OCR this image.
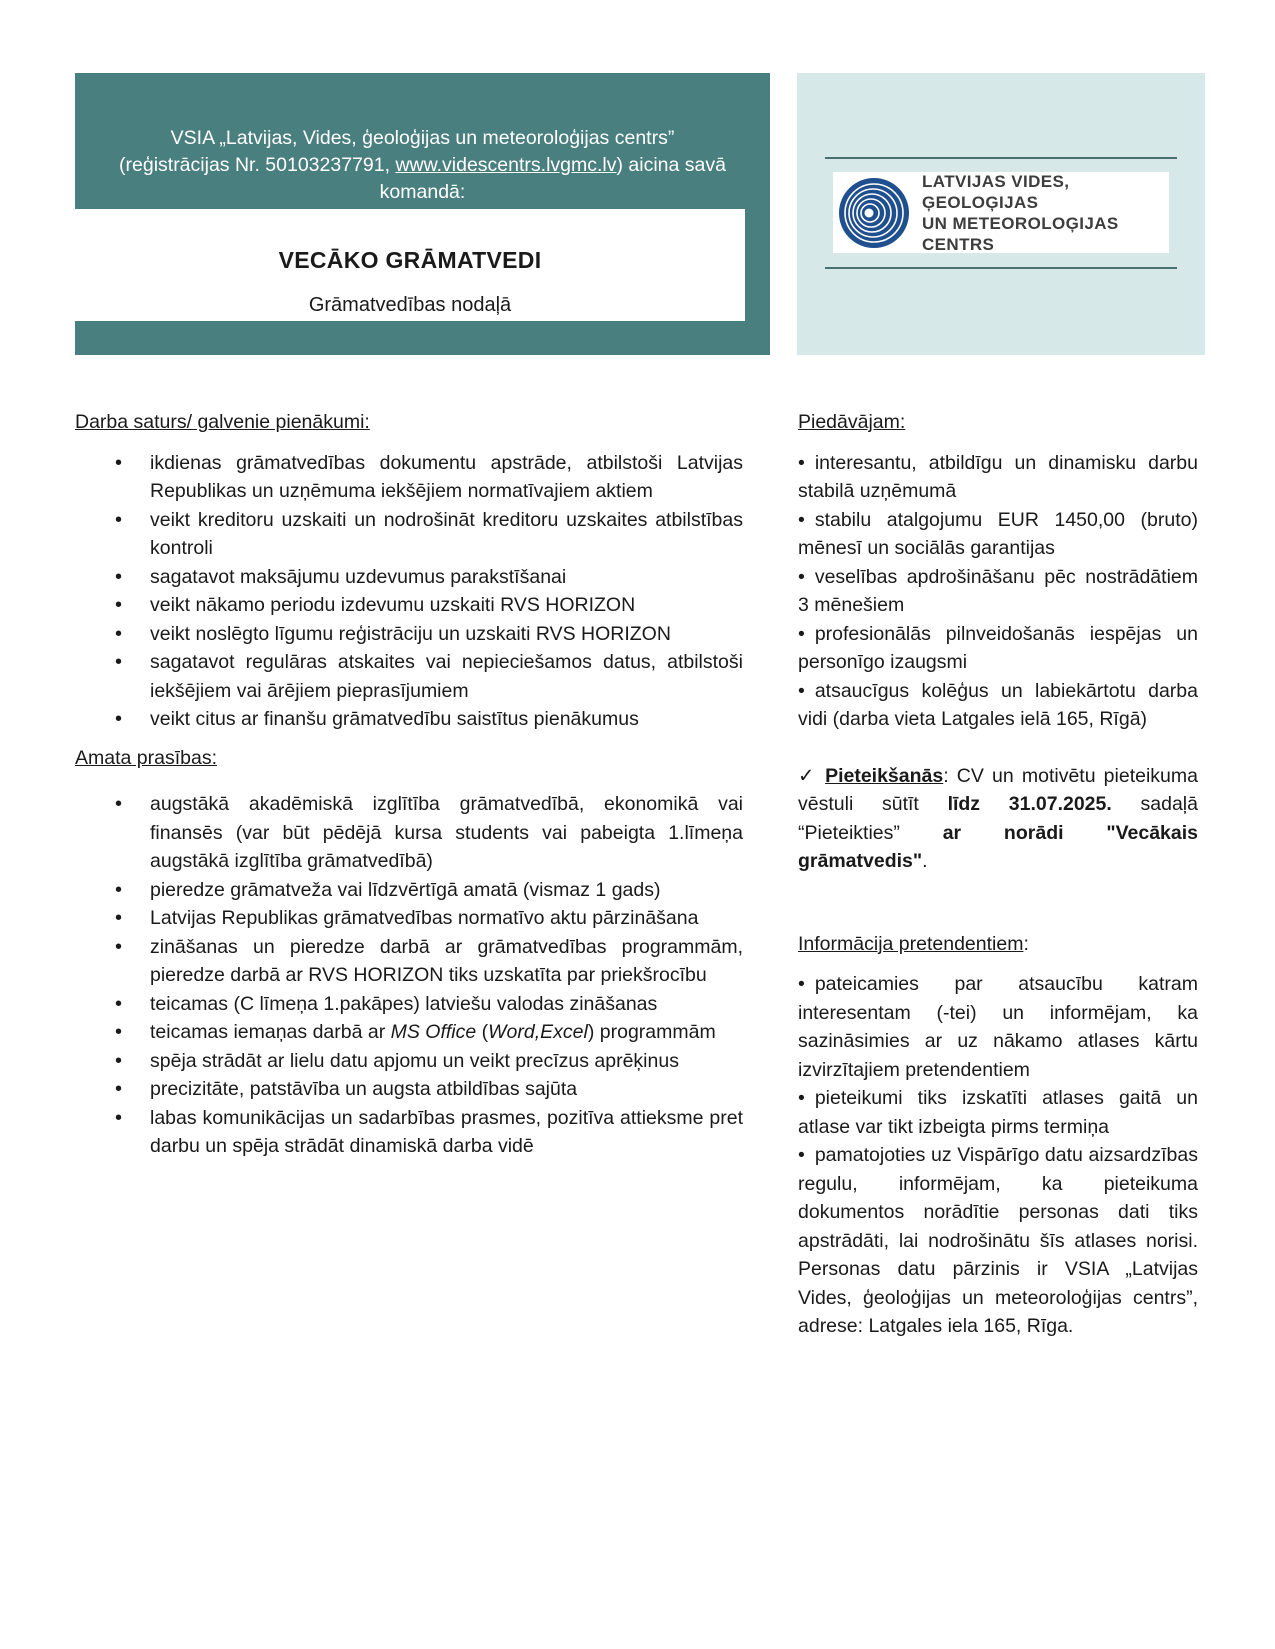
VSIA „Latvijas, Vides, ģeoloģijas un meteoroloģijas centrs”
(reģistrācijas Nr. 50103237791, www.videscentrs.lvgmc.lv) aicina savā
komandā:
VECĀKO GRĀMATVEDI
Grāmatvedības nodaļā
LATVIJAS VIDES, ĢEOLOĢIJAS
UN METEOROLOĢIJAS CENTRS

Darba saturs/ galvenie pienākumi:

• ikdienas grāmatvedības dokumentu apstrāde, atbilstoši Latvijas Republikas un uzņēmuma iekšējiem normatīvajiem aktiem
• veikt kreditoru uzskaiti un nodrošināt kreditoru uzskaites atbilstības kontroli
• sagatavot maksājumu uzdevumus parakstīšanai
• veikt nākamo periodu izdevumu uzskaiti RVS HORIZON
• veikt noslēgto līgumu reģistrāciju un uzskaiti RVS HORIZON
• sagatavot regulāras atskaites vai nepieciešamos datus, atbilstoši iekšējiem vai ārējiem pieprasījumiem
• veikt citus ar finanšu grāmatvedību saistītus pienākumus

Amata prasības:

• augstākā akadēmiskā izglītība grāmatvedībā, ekonomikā vai finansēs (var būt pēdējā kursa students vai pabeigta 1.līmeņa augstākā izglītība grāmatvedībā)
• pieredze grāmatveža vai līdzvērtīgā amatā (vismaz 1 gads)
• Latvijas Republikas grāmatvedības normatīvo aktu pārzināšana
• zināšanas un pieredze darbā ar grāmatvedības programmām, pieredze darbā ar RVS HORIZON tiks uzskatīta par priekšrocību
• teicamas (C līmeņa 1.pakāpes) latviešu valodas zināšanas
• teicamas iemaņas darbā ar MS Office (Word,Excel) programmām
• spēja strādāt ar lielu datu apjomu un veikt precīzus aprēķinus
• precizitāte, patstāvība un augsta atbildības sajūta
• labas komunikācijas un sadarbības prasmes, pozitīva attieksme pret darbu un spēja strādāt dinamiskā darba vidē

Piedāvājam:

• interesantu, atbildīgu un dinamisku darbu stabilā uzņēmumā

• stabilu atalgojumu EUR 1450,00 (bruto) mēnesī un sociālās garantijas

• veselības apdrošināšanu pēc nostrādātiem 3 mēnešiem

• profesionālās pilnveidošanās iespējas un personīgo izaugsmi

• atsaucīgus kolēģus un labiekārtotu darba vidi (darba vieta Latgales ielā 165, Rīgā)

✓ Pieteikšanās: CV un motivētu pieteikuma vēstuli sūtīt līdz 31.07.2025. sadaļā “Pieteikties” ar norādi "Vecākais grāmatvedis".

Informācija pretendentiem:

• pateicamies par atsaucību katram interesentam (-tei) un informējam, ka sazināsimies ar uz nākamo atlases kārtu izvirzītajiem pretendentiem

• pieteikumi tiks izskatīti atlases gaitā un atlase var tikt izbeigta pirms termiņa

• pamatojoties uz Vispārīgo datu aizsardzības regulu, informējam, ka pieteikuma dokumentos norādītie personas dati tiks apstrādāti, lai nodrošinātu šīs atlases norisi. Personas datu pārzinis ir VSIA „Latvijas Vides, ģeoloģijas un meteoroloģijas centrs”, adrese: Latgales iela 165, Rīga.
